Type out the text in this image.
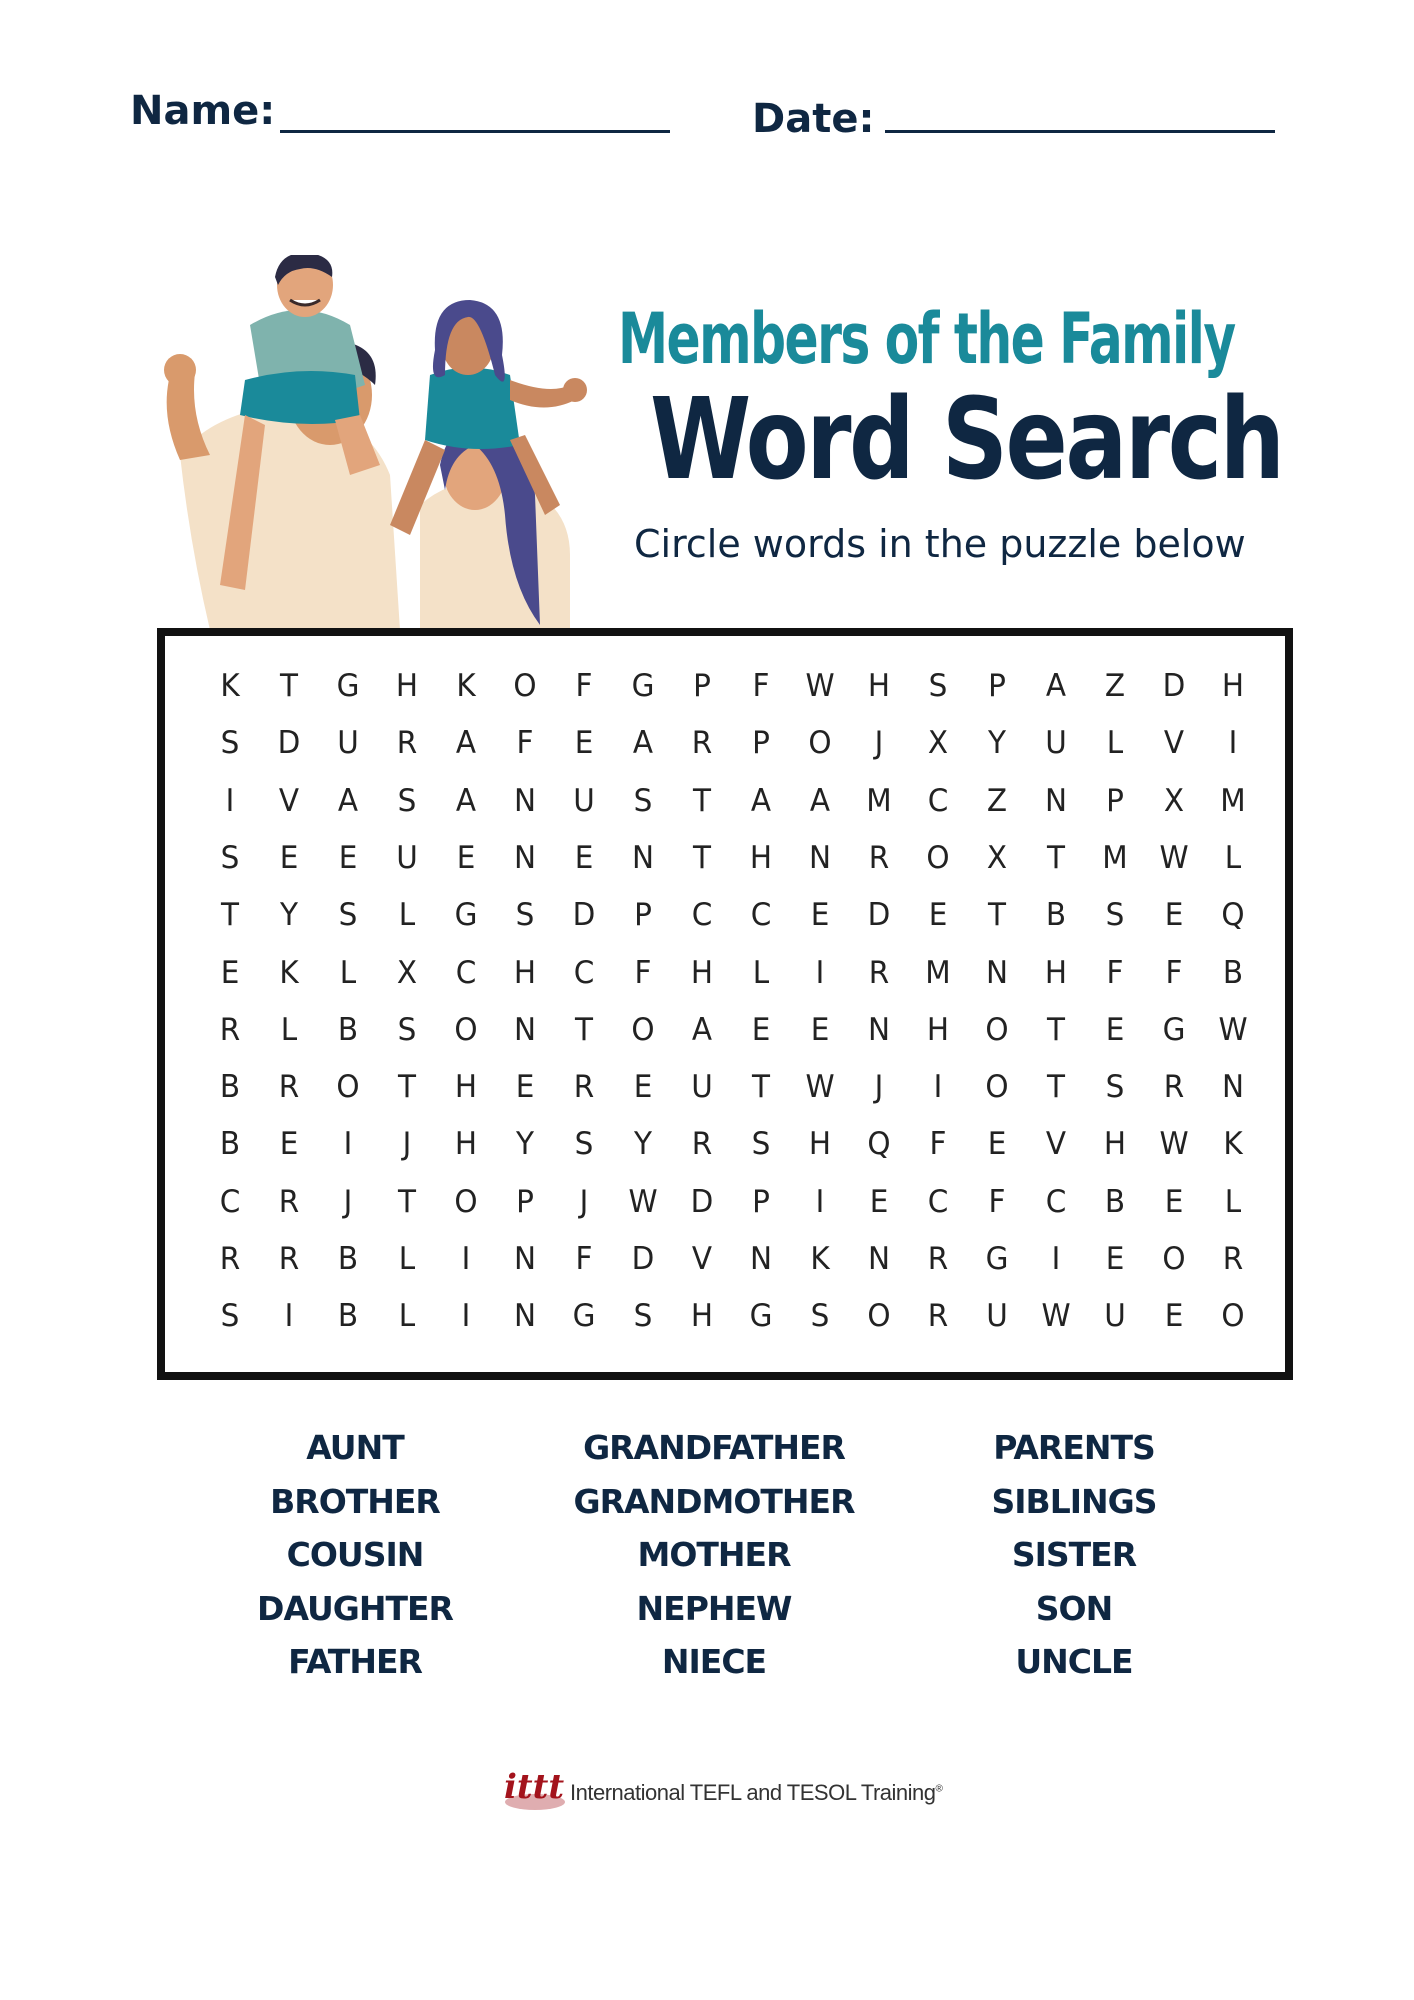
Name:	Date:
Members of the Family
Word Search
Circle words in the puzzle below
K	T	G	H	K	O	F	G	P	F	W	H	S	P	A	Z	D	H
S	D	U	R	A	F	E	A	R	P	O	J	X	Y	U	L	V	I
I	V	A	S	A	N	U	S	T	A	A	M	C	Z	N	P	X	M
S	E	E	U	E	N	E	N	T	H	N	R	O	X	T	M	W	L
T	Y	S	L	G	S	D	P	C	C	E	D	E	T	B	S	E	Q
E	K	L	X	C	H	C	F	H	L	I	R	M	N	H	F	F	B
R	L	B	S	O	N	T	O	A	E	E	N	H	O	T	E	G	W
B	R	O	T	H	E	R	E	U	T	W	J	I	O	T	S	R	N
B	E	I	J	H	Y	S	Y	R	S	H	Q	F	E	V	H	W	K
C	R	J	T	O	P	J	W	D	P	I	E	C	F	C	B	E	L
R	R	B	L	I	N	F	D	V	N	K	N	R	G	I	E	O	R
S	I	B	L	I	N	G	S	H	G	S	O	R	U	W	U	E	O
AUNT
BROTHER
COUSIN
DAUGHTER
FATHER
GRANDFATHER
GRANDMOTHER
MOTHER
NEPHEW
NIECE
PARENTS
SIBLINGS
SISTER
SON
UNCLE
ittt International TEFL and TESOL Training®
